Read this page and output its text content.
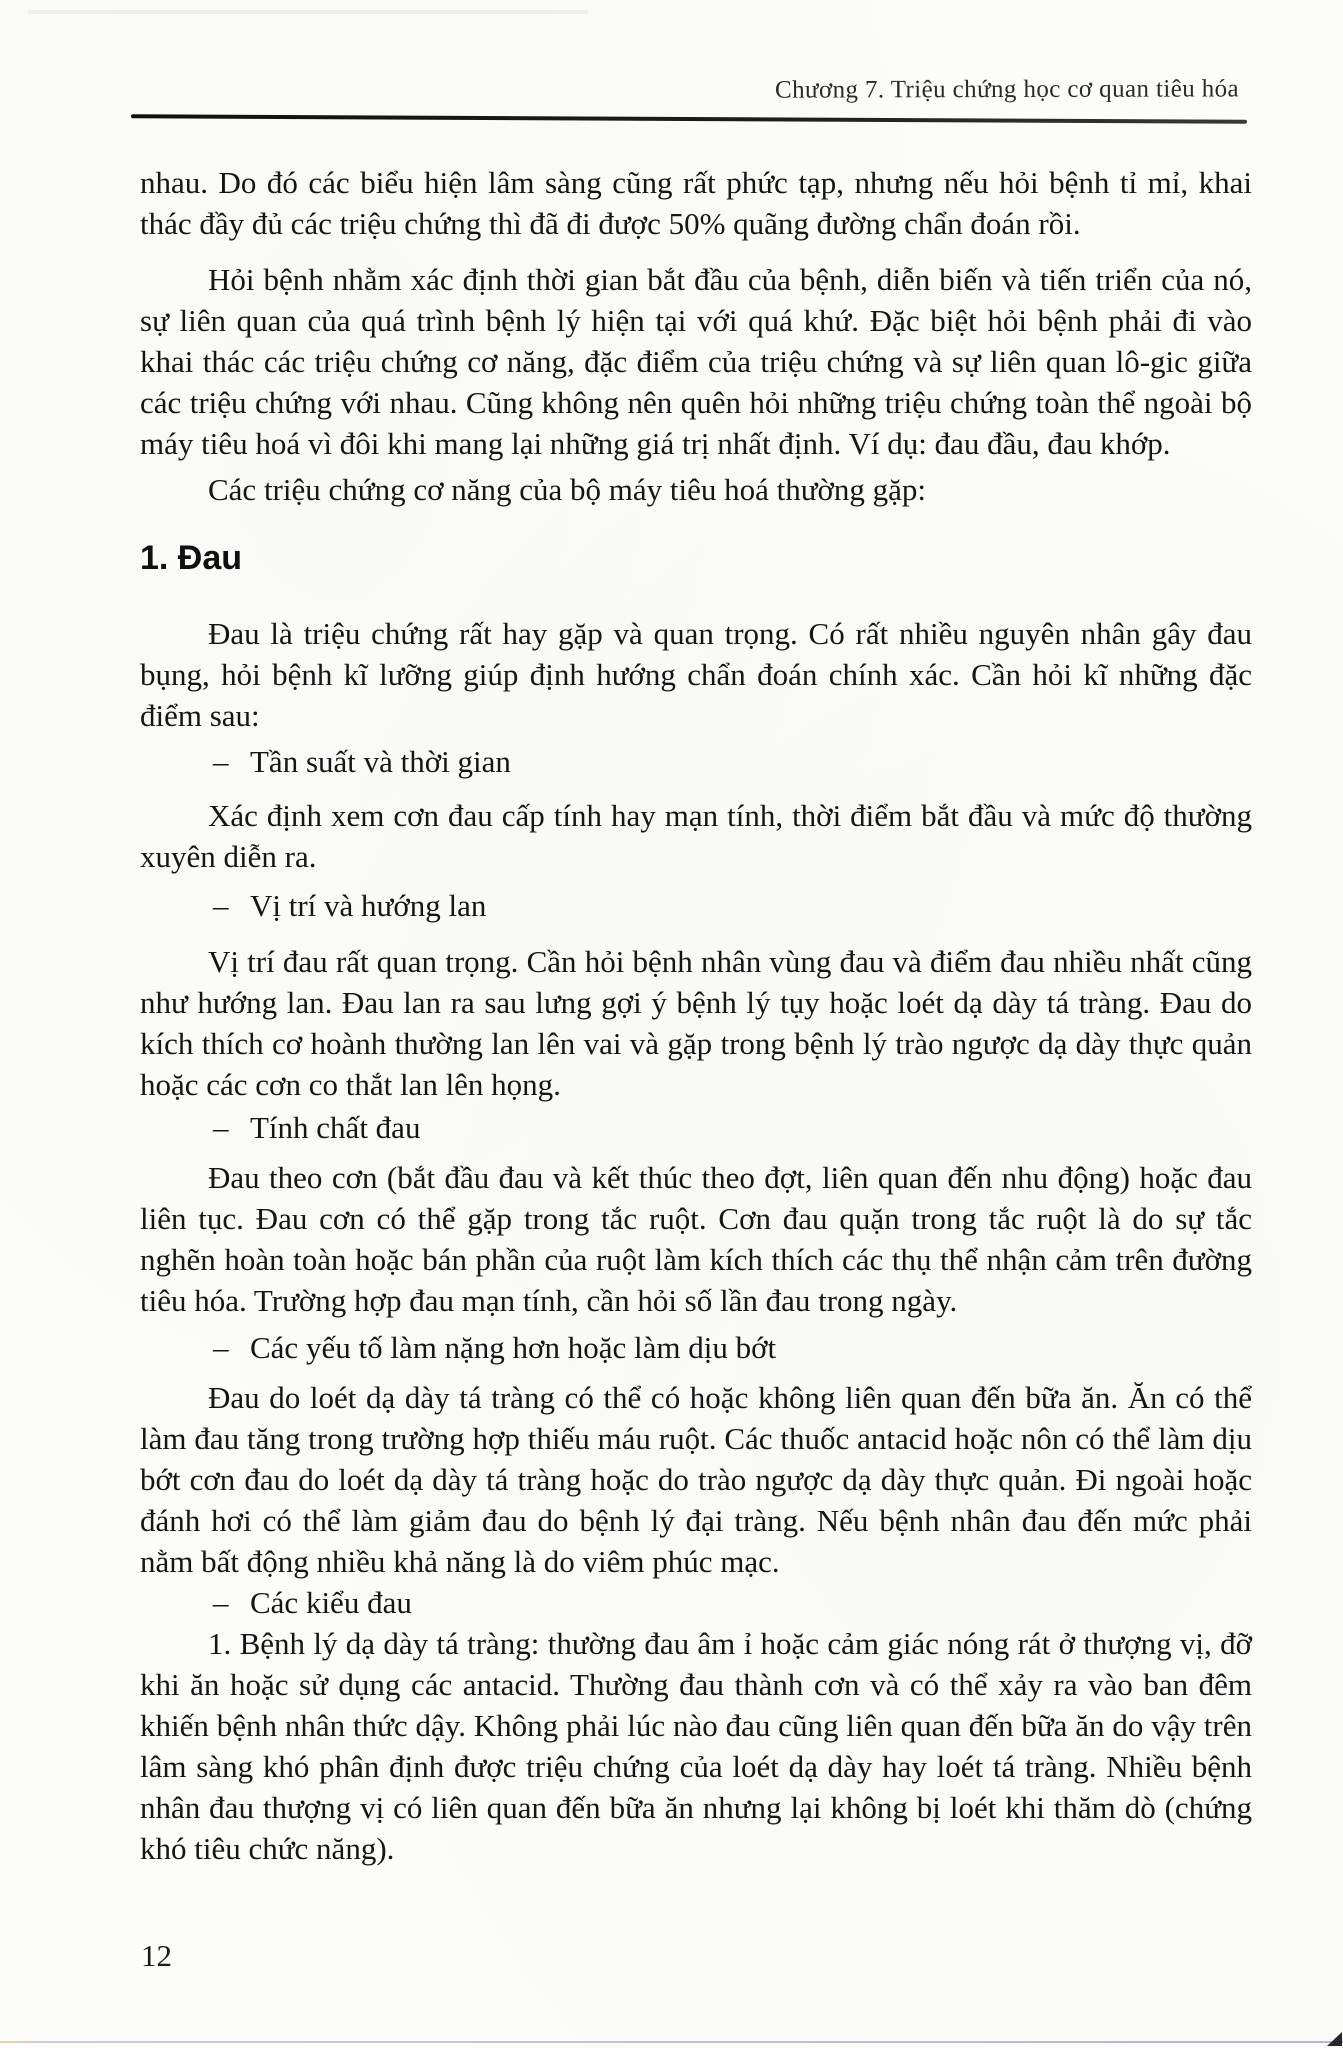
Chương 7. Triệu chứng học cơ quan tiêu hóa

nhau. Do đó các biểu hiện lâm sàng cũng rất phức tạp, nhưng nếu hỏi bệnh tỉ mỉ, khai thác đầy đủ các triệu chứng thì đã đi được 50% quãng đường chẩn đoán rồi.

Hỏi bệnh nhằm xác định thời gian bắt đầu của bệnh, diễn biến và tiến triển của nó, sự liên quan của quá trình bệnh lý hiện tại với quá khứ. Đặc biệt hỏi bệnh phải đi vào khai thác các triệu chứng cơ năng, đặc điểm của triệu chứng và sự liên quan lô-gic giữa các triệu chứng với nhau. Cũng không nên quên hỏi những triệu chứng toàn thể ngoài bộ máy tiêu hoá vì đôi khi mang lại những giá trị nhất định. Ví dụ: đau đầu, đau khớp.

Các triệu chứng cơ năng của bộ máy tiêu hoá thường gặp:

1. Đau

Đau là triệu chứng rất hay gặp và quan trọng. Có rất nhiều nguyên nhân gây đau bụng, hỏi bệnh kĩ lưỡng giúp định hướng chẩn đoán chính xác. Cần hỏi kĩ những đặc điểm sau:

– Tần suất và thời gian

Xác định xem cơn đau cấp tính hay mạn tính, thời điểm bắt đầu và mức độ thường xuyên diễn ra.

– Vị trí và hướng lan

Vị trí đau rất quan trọng. Cần hỏi bệnh nhân vùng đau và điểm đau nhiều nhất cũng như hướng lan. Đau lan ra sau lưng gợi ý bệnh lý tụy hoặc loét dạ dày tá tràng. Đau do kích thích cơ hoành thường lan lên vai và gặp trong bệnh lý trào ngược dạ dày thực quản hoặc các cơn co thắt lan lên họng.

– Tính chất đau

Đau theo cơn (bắt đầu đau và kết thúc theo đợt, liên quan đến nhu động) hoặc đau liên tục. Đau cơn có thể gặp trong tắc ruột. Cơn đau quặn trong tắc ruột là do sự tắc nghẽn hoàn toàn hoặc bán phần của ruột làm kích thích các thụ thể nhận cảm trên đường tiêu hóa. Trường hợp đau mạn tính, cần hỏi số lần đau trong ngày.

– Các yếu tố làm nặng hơn hoặc làm dịu bớt

Đau do loét dạ dày tá tràng có thể có hoặc không liên quan đến bữa ăn. Ăn có thể làm đau tăng trong trường hợp thiếu máu ruột. Các thuốc antacid hoặc nôn có thể làm dịu bớt cơn đau do loét dạ dày tá tràng hoặc do trào ngược dạ dày thực quản. Đi ngoài hoặc đánh hơi có thể làm giảm đau do bệnh lý đại tràng. Nếu bệnh nhân đau đến mức phải nằm bất động nhiều khả năng là do viêm phúc mạc.

– Các kiểu đau

1. Bệnh lý dạ dày tá tràng: thường đau âm ỉ hoặc cảm giác nóng rát ở thượng vị, đỡ khi ăn hoặc sử dụng các antacid. Thường đau thành cơn và có thể xảy ra vào ban đêm khiến bệnh nhân thức dậy. Không phải lúc nào đau cũng liên quan đến bữa ăn do vậy trên lâm sàng khó phân định được triệu chứng của loét dạ dày hay loét tá tràng. Nhiều bệnh nhân đau thượng vị có liên quan đến bữa ăn nhưng lại không bị loét khi thăm dò (chứng khó tiêu chức năng).

12
